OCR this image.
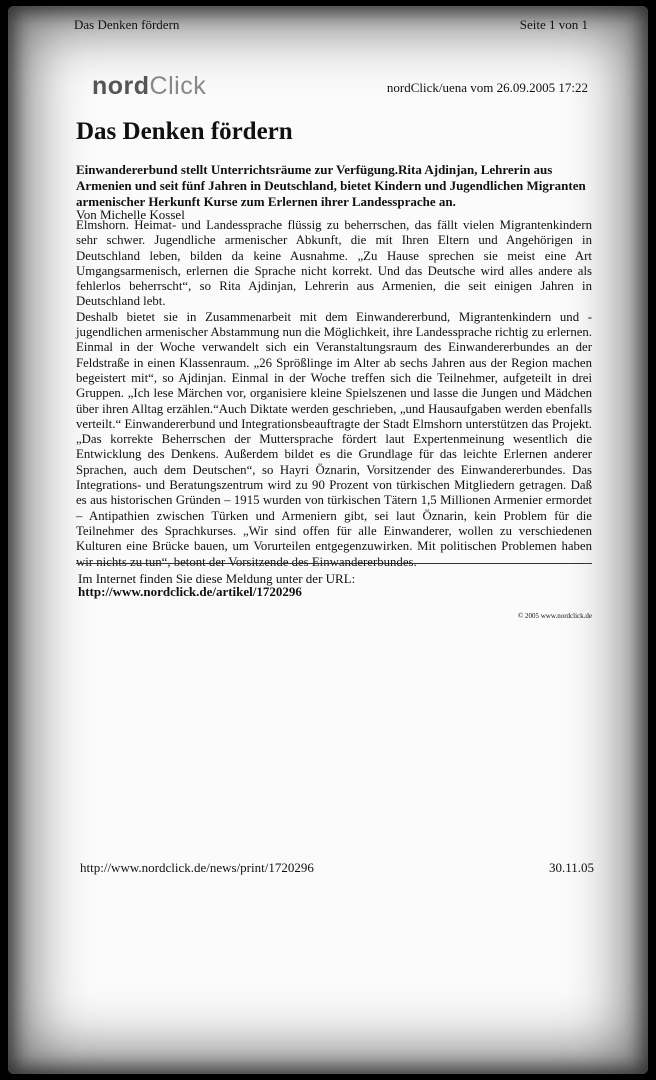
Das Denken fördern	Seite 1 von 1
nordClick	nordClick/uena vom 26.09.2005 17:22
Das Denken fördern

Einwandererbund stellt Unterrichtsräume zur Verfügung.Rita Ajdinjan, Lehrerin aus Armenien und seit fünf Jahren in Deutschland, bietet Kindern und Jugendlichen Migranten armenischer Herkunft Kurse zum Erlernen ihrer Landessprache an.

Von Michelle Kossel

Elmshorn. Heimat- und Landessprache flüssig zu beherrschen, das fällt vielen Migrantenkindern sehr schwer. Jugendliche armenischer Abkunft, die mit Ihren Eltern und Angehörigen in Deutschland leben, bilden da keine Ausnahme. „Zu Hause sprechen sie meist eine Art Umgangsarmenisch, erlernen die Sprache nicht korrekt. Und das Deutsche wird alles andere als fehlerlos beherrscht“, so Rita Ajdinjan, Lehrerin aus Armenien, die seit einigen Jahren in Deutschland lebt.

Deshalb bietet sie in Zusammenarbeit mit dem Einwandererbund, Migrantenkindern und - jugendlichen armenischer Abstammung nun die Möglichkeit, ihre Landessprache richtig zu erlernen. Einmal in der Woche verwandelt sich ein Veranstaltungsraum des Einwandererbundes an der Feldstraße in einen Klassenraum. „26 Sprößlinge im Alter ab sechs Jahren aus der Region machen begeistert mit“, so Ajdinjan. Einmal in der Woche treffen sich die Teilnehmer, aufgeteilt in drei Gruppen. „Ich lese Märchen vor, organisiere kleine Spielszenen und lasse die Jungen und Mädchen über ihren Alltag erzählen.“Auch Diktate werden geschrieben, „und Hausaufgaben werden ebenfalls verteilt.“ Einwandererbund und Integrationsbeauftragte der Stadt Elmshorn unterstützen das Projekt. „Das korrekte Beherrschen der Muttersprache fördert laut Expertenmeinung wesentlich die Entwicklung des Denkens. Außerdem bildet es die Grundlage für das leichte Erlernen anderer Sprachen, auch dem Deutschen“, so Hayri Öznarin, Vorsitzender des Einwandererbundes. Das Integrations- und Beratungszentrum wird zu 90 Prozent von türkischen Mitgliedern getragen. Daß es aus historischen Gründen – 1915 wurden von türkischen Tätern 1,5 Millionen Armenier ermordet – Antipathien zwischen Türken und Armeniern gibt, sei laut Öznarin, kein Problem für die Teilnehmer des Sprachkurses. „Wir sind offen für alle Einwanderer, wollen zu verschiedenen Kulturen eine Brücke bauen, um Vorurteilen entgegenzuwirken. Mit politischen Problemen haben wir nichts zu tun“, betont der Vorsitzende des Einwandererbundes.

Im Internet finden Sie diese Meldung unter der URL:
http://www.nordclick.de/artikel/1720296
© 2005 www.nordclick.de
http://www.nordclick.de/news/print/1720296	30.11.05
